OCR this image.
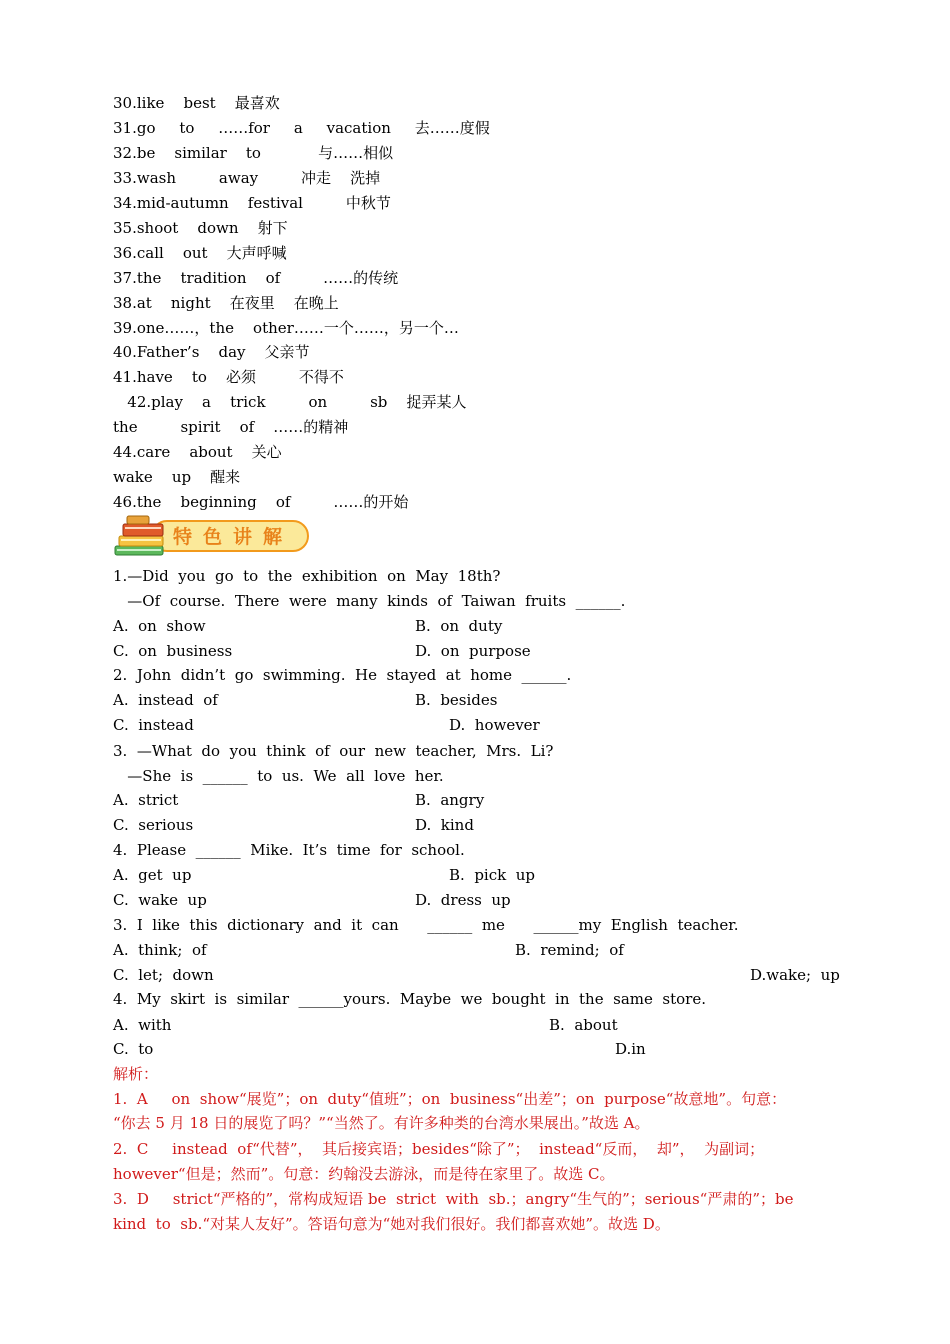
30.like    best    最喜欢
31.go     to     ……for     a     vacation     去……度假
32.be    similar    to            与……相似
33.wash         away         冲走    洗掉
34.mid-autumn    festival         中秋节
35.shoot    down    射下
36.call    out    大声呼喊
37.the    tradition    of         ……的传统
38.at    night    在夜里    在晚上
39.one……，the    other……一个……，另一个…
40.Father’s    day    父亲节
41.have    to    必须         不得不
42.play    a    trick         on         sb    捉弄某人
the         spirit    of    ……的精神
44.care    about    关心
wake    up    醒来
46.the    beginning    of         ……的开始
特色讲解
1.—Did  you  go  to  the  exhibition  on  May  18th?
—Of  course.  There  were  many  kinds  of  Taiwan  fruits  ______.
A.  on  show	B.  on  duty
C.  on  business	D.  on  purpose
2.  John  didn’t  go  swimming.  He  stayed  at  home  ______.
A.  instead  of	B.  besides
C.  instead	D.  however
3.  —What  do  you  think  of  our  new  teacher,  Mrs.  Li?
—She  is  ______  to  us.  We  all  love  her.
A.  strict	B.  angry
C.  serious	D.  kind
4.  Please  ______  Mike.  It’s  time  for  school.
A.  get  up	B.  pick  up
C.  wake  up	D.  dress  up
3.  I  like  this  dictionary  and  it  can      ______  me      ______my  English  teacher.
A.  think;  of	B.  remind;  of
C.  let;  down	D.wake;  up
4.  My  skirt  is  similar  ______yours.  Maybe  we  bought  in  the  same  store.
A.  with	B.  about
C.  to	D.in
解析：
1.  A     on  show“展览”；on  duty“值班”；on  business“出差”；on  purpose“故意地”。句意：
“你去 5 月 18 日的展览了吗？”“当然了。有许多种类的台湾水果展出。”故选 A。
2.  C     instead  of“代替”，  其后接宾语；besides“除了”；  instead“反而，  却”，  为副词；
however“但是；然而”。句意：约翰没去游泳，而是待在家里了。故选 C。
3.  D     strict“严格的”，常构成短语 be  strict  with  sb.；angry“生气的”；serious“严肃的”；be
kind  to  sb.“对某人友好”。答语句意为“她对我们很好。我们都喜欢她”。故选 D。
